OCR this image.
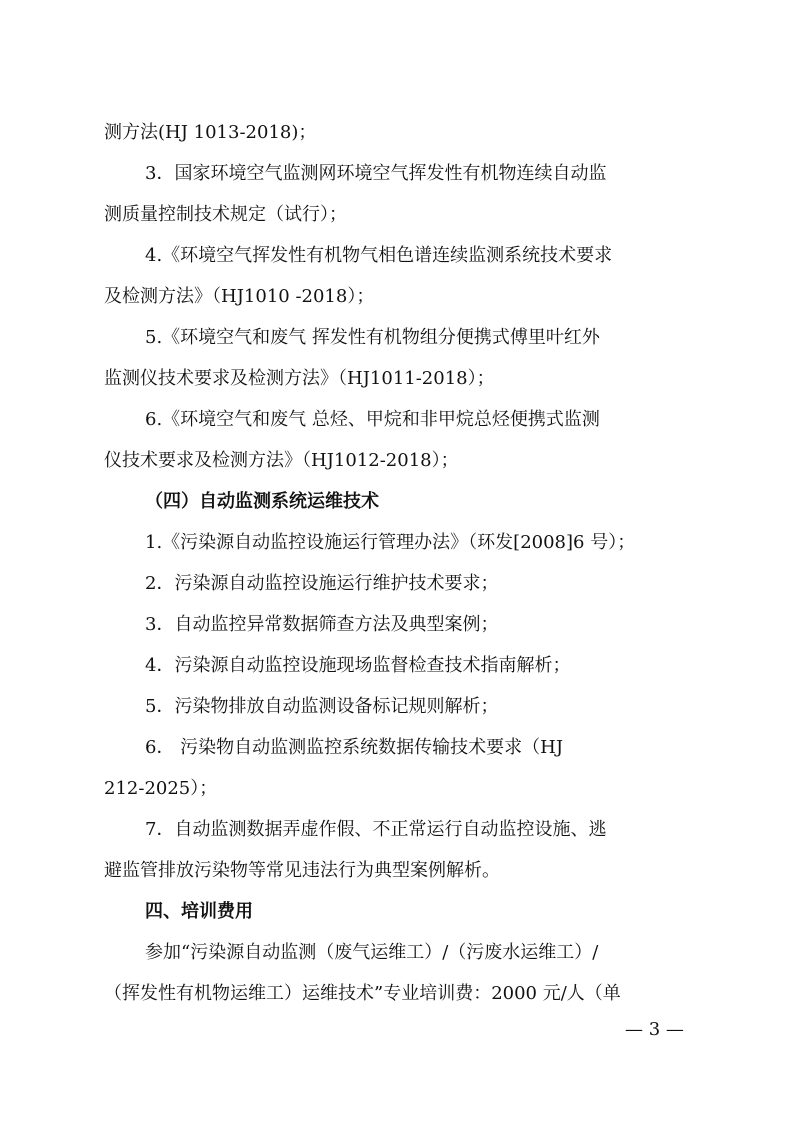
测方法(HJ 1013-2018)；
3．国家环境空气监测网环境空气挥发性有机物连续自动监
测质量控制技术规定（试行）；
4.《环境空气挥发性有机物气相色谱连续监测系统技术要求
及检测方法》（HJ1010 -2018）；
5.《环境空气和废气 挥发性有机物组分便携式傅里叶红外
监测仪技术要求及检测方法》（HJ1011-2018）；
6.《环境空气和废气 总烃、甲烷和非甲烷总烃便携式监测
仪技术要求及检测方法》（HJ1012-2018）；
（四）自动监测系统运维技术
1.《污染源自动监控设施运行管理办法》（环发[2008]6 号）；
2．污染源自动监控设施运行维护技术要求；
3．自动监控异常数据筛查方法及典型案例；
4．污染源自动监控设施现场监督检查技术指南解析；
5．污染物排放自动监测设备标记规则解析；
6． 污染物自动监测监控系统数据传输技术要求（HJ
212-2025）；
7．自动监测数据弄虚作假、不正常运行自动监控设施、逃
避监管排放污染物等常见违法行为典型案例解析。
四、培训费用
参加“污染源自动监测（废气运维工）/（污废水运维工）/
（挥发性有机物运维工）运维技术”专业培训费：2000 元/人（单
— 3 —
